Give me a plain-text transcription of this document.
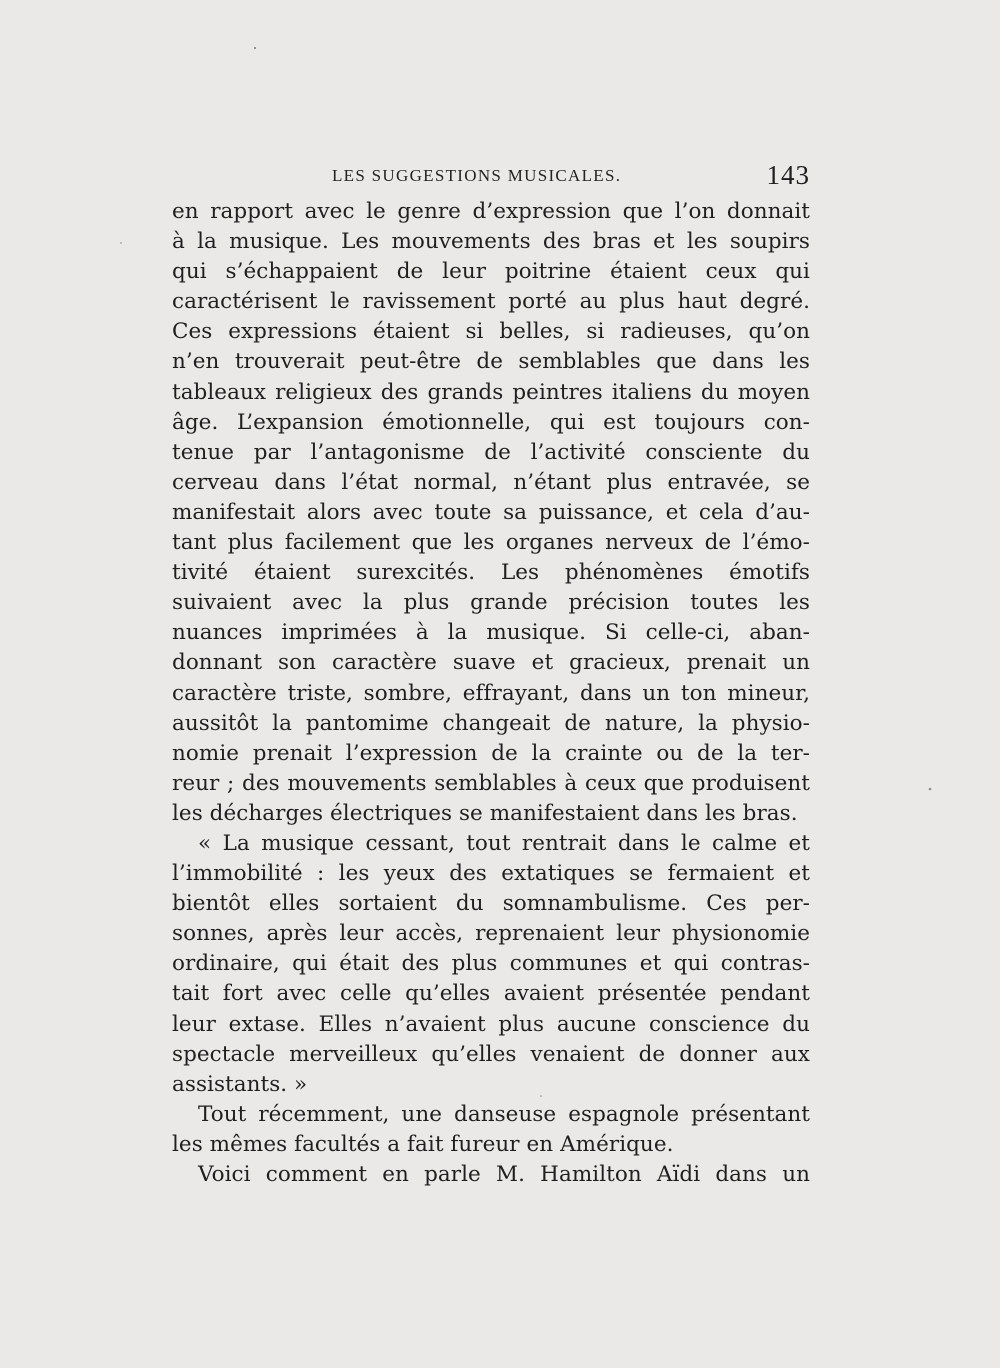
LES SUGGESTIONS MUSICALES.	143
en rapport avec le genre d’expression que l’on donnait
à la musique. Les mouvements des bras et les soupirs
qui s’échappaient de leur poitrine étaient ceux qui
caractérisent le ravissement porté au plus haut degré.
Ces expressions étaient si belles, si radieuses, qu’on
n’en trouverait peut-être de semblables que dans les
tableaux religieux des grands peintres italiens du moyen
âge. L’expansion émotionnelle, qui est toujours con-
tenue par l’antagonisme de l’activité consciente du
cerveau dans l’état normal, n’étant plus entravée, se
manifestait alors avec toute sa puissance, et cela d’au-
tant plus facilement que les organes nerveux de l’émo-
tivité étaient surexcités. Les phénomènes émotifs
suivaient avec la plus grande précision toutes les
nuances imprimées à la musique. Si celle-ci, aban-
donnant son caractère suave et gracieux, prenait un
caractère triste, sombre, effrayant, dans un ton mineur,
aussitôt la pantomime changeait de nature, la physio-
nomie prenait l’expression de la crainte ou de la ter-
reur ; des mouvements semblables à ceux que produisent
les décharges électriques se manifestaient dans les bras.
« La musique cessant, tout rentrait dans le calme et
l’immobilité : les yeux des extatiques se fermaient et
bientôt elles sortaient du somnambulisme. Ces per-
sonnes, après leur accès, reprenaient leur physionomie
ordinaire, qui était des plus communes et qui contras-
tait fort avec celle qu’elles avaient présentée pendant
leur extase. Elles n’avaient plus aucune conscience du
spectacle merveilleux qu’elles venaient de donner aux
assistants. »
Tout récemment, une danseuse espagnole présentant
les mêmes facultés a fait fureur en Amérique.
Voici comment en parle M. Hamilton Aïdi dans un
